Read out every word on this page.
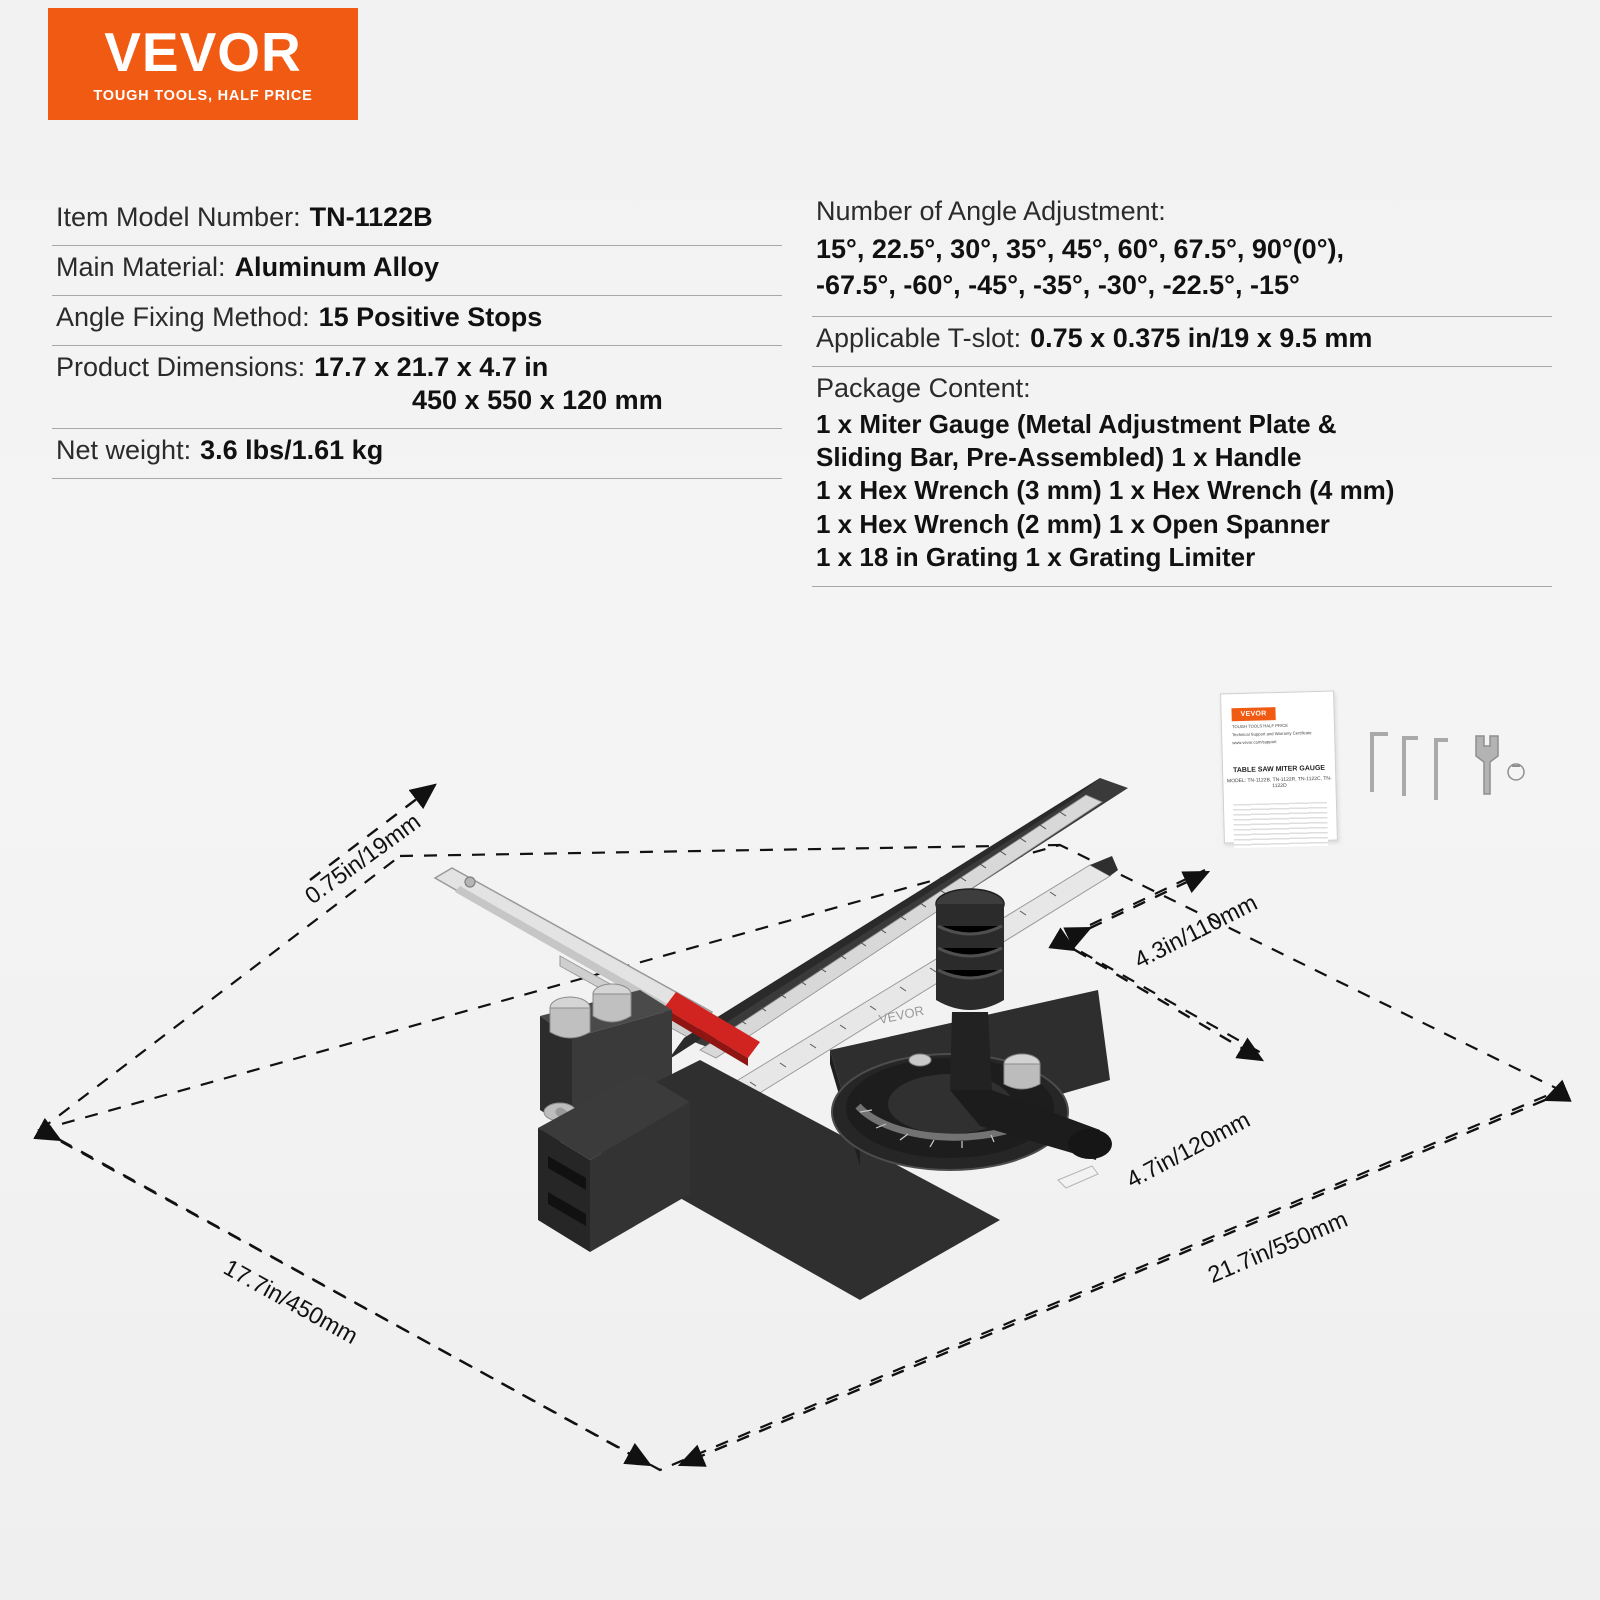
VEVOR
TOUGH TOOLS, HALF PRICE
Item Model Number: TN-1122B
Main Material: Aluminum Alloy
Angle Fixing Method: 15 Positive Stops
Product Dimensions: 17.7 x 21.7 x 4.7 in
450 x 550 x 120 mm
Net weight: 3.6 lbs/1.61 kg
Number of Angle Adjustment:
15°, 22.5°, 30°, 35°, 45°, 60°, 67.5°, 90°(0°),
-67.5°, -60°, -45°, -35°, -30°, -22.5°, -15°
Applicable T-slot: 0.75 x 0.375 in/19 x 9.5 mm
Package Content:
1 x Miter Gauge (Metal Adjustment Plate &
Sliding Bar, Pre-Assembled) 1 x Handle
1 x Hex Wrench (3 mm) 1 x Hex Wrench (4 mm)
1 x Hex Wrench (2 mm) 1 x Open Spanner
1 x 18 in Grating 1 x Grating Limiter
VEVOR
VEVOR
TOUGH TOOLS HALF PRICE
Technical Support and Warranty Certificate
www.vevor.com/support
TABLE SAW MITER GAUGE
MODEL: TN-1122B, TN-1122R, TN-1122C, TN-1122D
0.75in/19mm
4.3in/110mm
4.7in/120mm
17.7in/450mm
21.7in/550mm
